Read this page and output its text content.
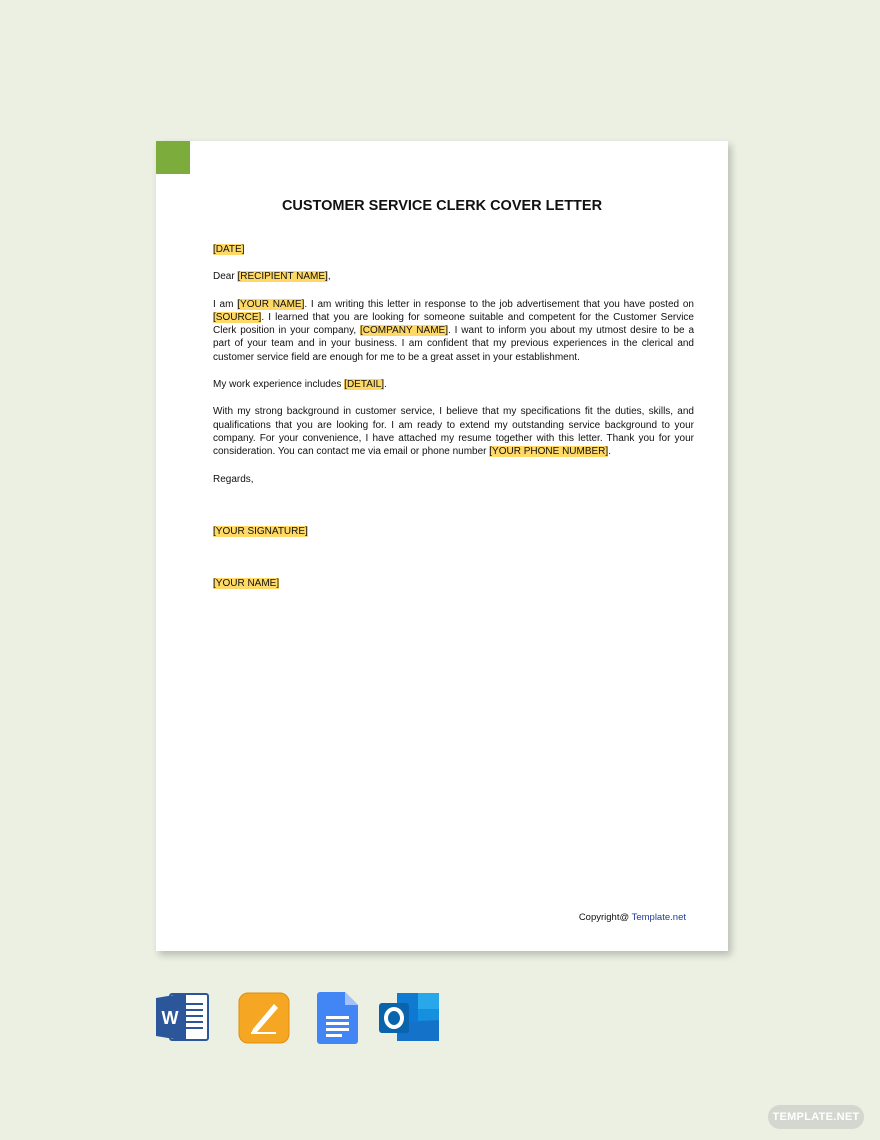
CUSTOMER SERVICE CLERK COVER LETTER

[DATE]

Dear [RECIPIENT NAME],

I am [YOUR NAME]. I am writing this letter in response to the job advertisement that you have posted on [SOURCE]. I learned that you are looking for someone suitable and competent for the Customer Service Clerk position in your company, [COMPANY NAME]. I want to inform you about my utmost desire to be a part of your team and in your business. I am confident that my previous experiences in the clerical and customer service field are enough for me to be a great asset in your establishment.

My work experience includes [DETAIL].

With my strong background in customer service, I believe that my specifications fit the duties, skills, and qualifications that you are looking for. I am ready to extend my outstanding service background to your company. For your convenience, I have attached my resume together with this letter. Thank you for your consideration. You can contact me via email or phone number [YOUR PHONE NUMBER].

Regards,

[YOUR SIGNATURE]

[YOUR NAME]

Copyright@ Template.net
W
TEMPLATE.NET
